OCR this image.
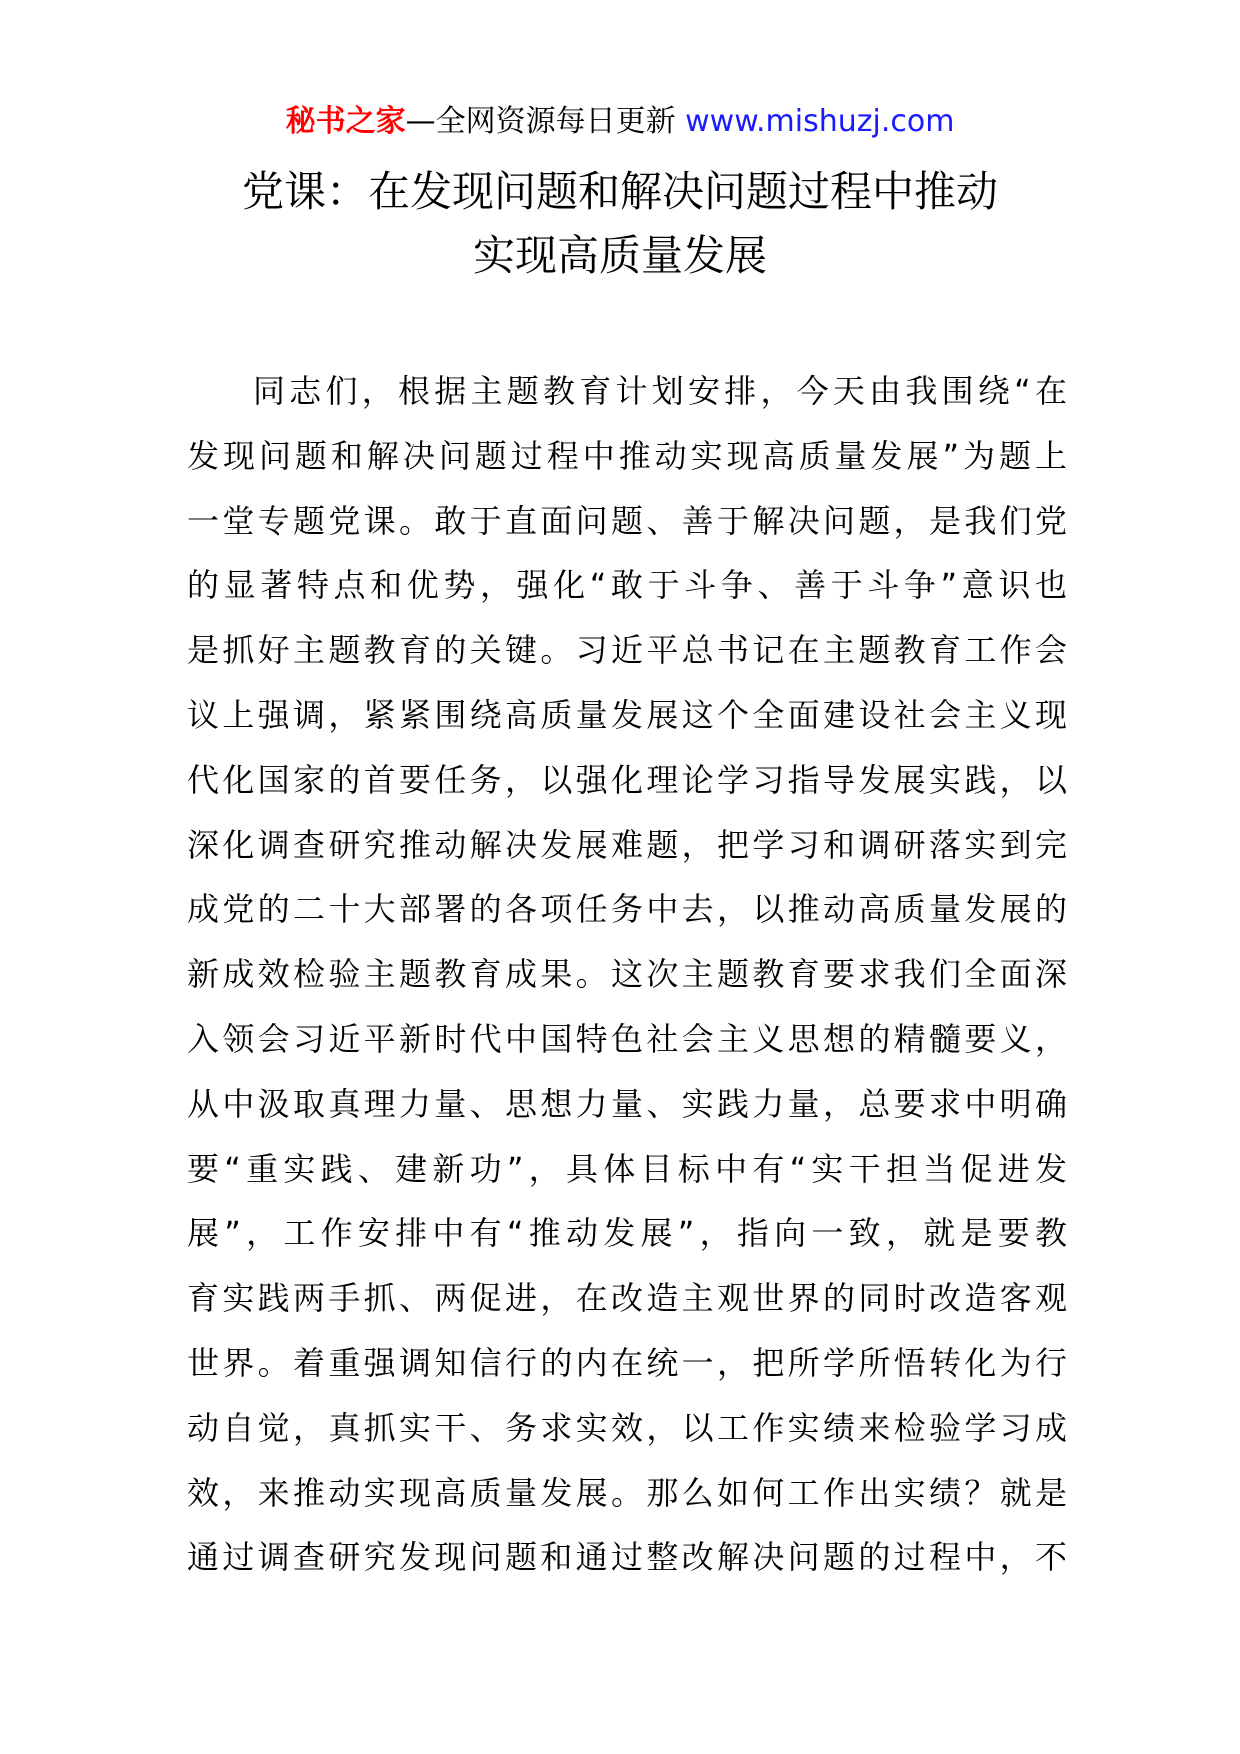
秘书之家—全网资源每日更新 www.mishuzj.com
党课：在发现问题和解决问题过程中推动
实现高质量发展
同志们，根据主题教育计划安排，今天由我围绕“在
发现问题和解决问题过程中推动实现高质量发展”为题上
一堂专题党课。敢于直面问题、善于解决问题，是我们党
的显著特点和优势，强化“敢于斗争、善于斗争”意识也
是抓好主题教育的关键。习近平总书记在主题教育工作会
议上强调，紧紧围绕高质量发展这个全面建设社会主义现
代化国家的首要任务，以强化理论学习指导发展实践，以
深化调查研究推动解决发展难题，把学习和调研落实到完
成党的二十大部署的各项任务中去，以推动高质量发展的
新成效检验主题教育成果。这次主题教育要求我们全面深
入领会习近平新时代中国特色社会主义思想的精髓要义，
从中汲取真理力量、思想力量、实践力量，总要求中明确
要“重实践、建新功”，具体目标中有“实干担当促进发
展”，工作安排中有“推动发展”，指向一致，就是要教
育实践两手抓、两促进，在改造主观世界的同时改造客观
世界。着重强调知信行的内在统一，把所学所悟转化为行
动自觉，真抓实干、务求实效，以工作实绩来检验学习成
效，来推动实现高质量发展。那么如何工作出实绩？就是
通过调查研究发现问题和通过整改解决问题的过程中，不
